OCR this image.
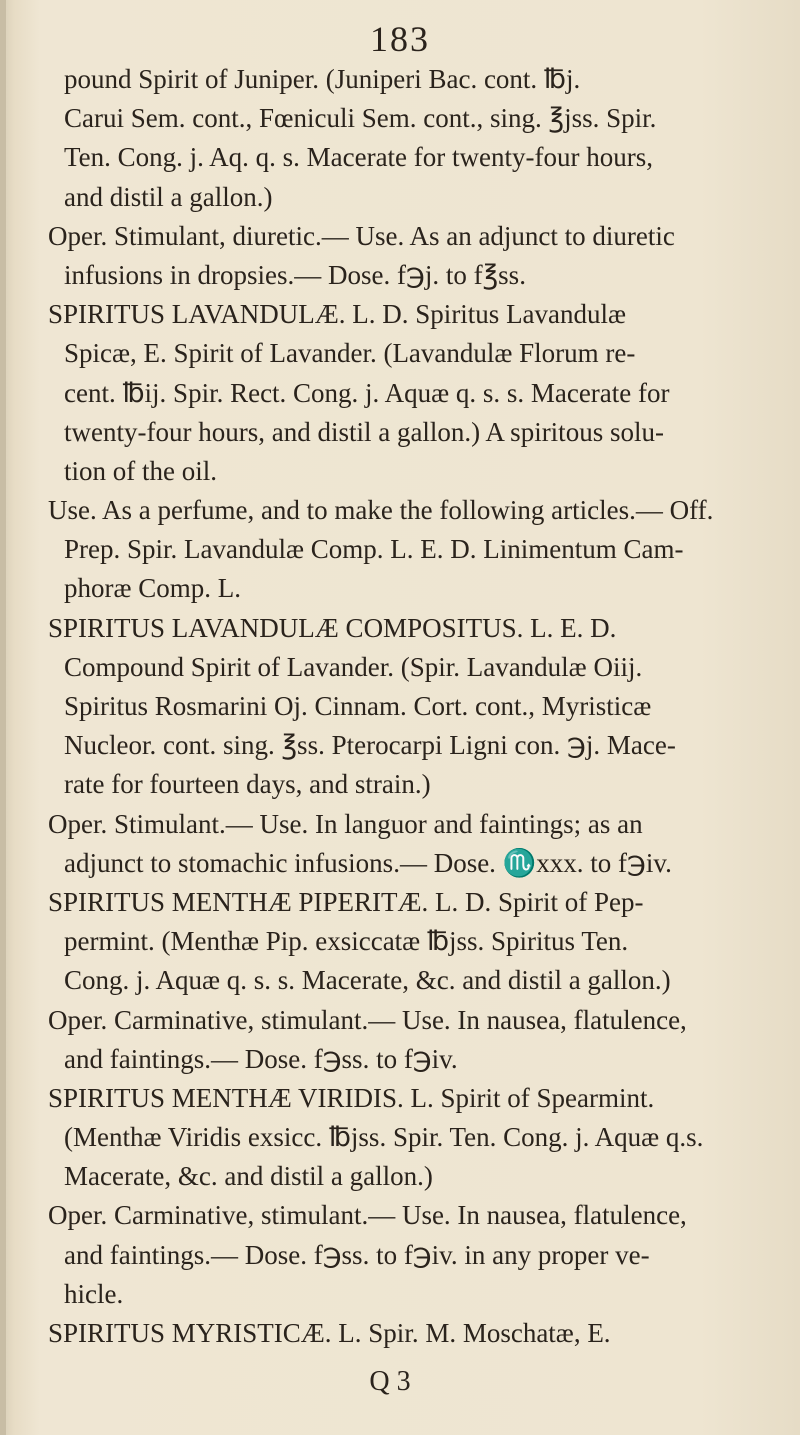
183
pound Spirit of Juniper. (Juniperi Bac. cont. ℔j.
Carui Sem. cont., Fœniculi Sem. cont., sing. ℥jss. Spir.
Ten. Cong. j. Aq. q. s. Macerate for twenty-four hours,
and distil a gallon.)
Oper. Stimulant, diuretic.— Use. As an adjunct to diuretic
infusions in dropsies.— Dose. f℈j. to f℥ss.
SPIRITUS LAVANDULÆ. L. D. Spiritus Lavandulæ
Spicæ, E. Spirit of Lavander. (Lavandulæ Florum re-
cent. ℔ij. Spir. Rect. Cong. j. Aquæ q. s. s. Macerate for
twenty-four hours, and distil a gallon.) A spiritous solu-
tion of the oil.
Use. As a perfume, and to make the following articles.— Off.
Prep. Spir. Lavandulæ Comp. L. E. D. Linimentum Cam-
phoræ Comp. L.
SPIRITUS LAVANDULÆ COMPOSITUS. L. E. D.
Compound Spirit of Lavander. (Spir. Lavandulæ Oiij.
Spiritus Rosmarini Oj. Cinnam. Cort. cont., Myristicæ
Nucleor. cont. sing. ℥ss. Pterocarpi Ligni con. ℈j. Mace-
rate for fourteen days, and strain.)
Oper. Stimulant.— Use. In languor and faintings; as an
adjunct to stomachic infusions.— Dose. ♏xxx. to f℈iv.
SPIRITUS MENTHÆ PIPERITÆ. L. D. Spirit of Pep-
permint. (Menthæ Pip. exsiccatæ ℔jss. Spiritus Ten.
Cong. j. Aquæ q. s. s. Macerate, &c. and distil a gallon.)
Oper. Carminative, stimulant.— Use. In nausea, flatulence,
and faintings.— Dose. f℈ss. to f℈iv.
SPIRITUS MENTHÆ VIRIDIS. L. Spirit of Spearmint.
(Menthæ Viridis exsicc. ℔jss. Spir. Ten. Cong. j. Aquæ q.s.
Macerate, &c. and distil a gallon.)
Oper. Carminative, stimulant.— Use. In nausea, flatulence,
and faintings.— Dose. f℈ss. to f℈iv. in any proper ve-
hicle.
SPIRITUS MYRISTICÆ. L. Spir. M. Moschatæ, E.
Q 3
